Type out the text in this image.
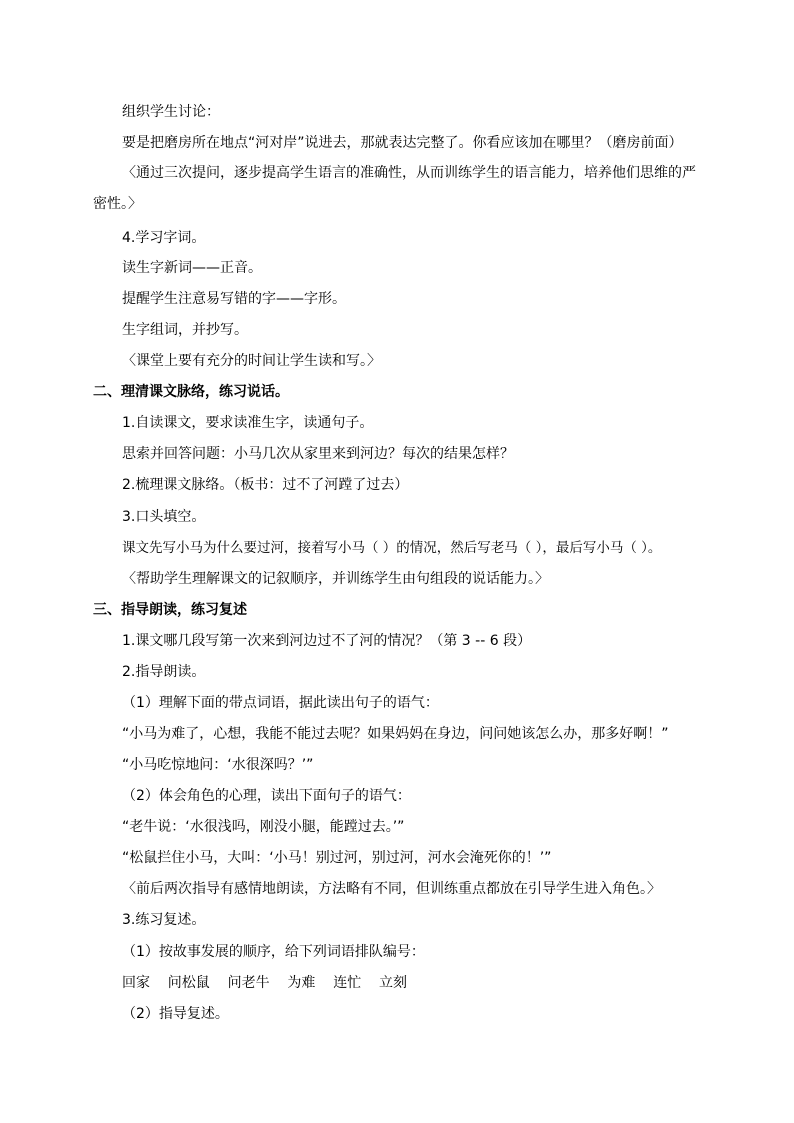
组织学生讨论：
要是把磨房所在地点“河对岸”说进去，那就表达完整了。你看应该加在哪里？（磨房前面）
〈通过三次提问，逐步提高学生语言的准确性，从而训练学生的语言能力，培养他们思维的严
密性。〉
4.学习字词。
读生字新词——正音。
提醒学生注意易写错的字——字形。
生字组词，并抄写。
〈课堂上要有充分的时间让学生读和写。〉
二、理清课文脉络，练习说话。
1.自读课文，要求读准生字，读通句子。
思索并回答问题：小马几次从家里来到河边？每次的结果怎样？
2.梳理课文脉络。（板书：过不了河蹚了过去）
3.口头填空。
课文先写小马为什么要过河，接着写小马（ ）的情况，然后写老马（ ），最后写小马（ ）。
〈帮助学生理解课文的记叙顺序，并训练学生由句组段的说话能力。〉
三、指导朗读，练习复述
1.课文哪几段写第一次来到河边过不了河的情况？（第 3 -- 6 段）
2.指导朗读。
（1）理解下面的带点词语，据此读出句子的语气：
“小马为难了，心想，我能不能过去呢？如果妈妈在身边，问问她该怎么办，那多好啊！”
“小马吃惊地问：‘水很深吗？’”
（2）体会角色的心理，读出下面句子的语气：
“老牛说：‘水很浅吗，刚没小腿，能蹚过去。’”
“松鼠拦住小马，大叫：‘小马！别过河，别过河，河水会淹死你的！’”
〈前后两次指导有感情地朗读，方法略有不同，但训练重点都放在引导学生进入角色。〉
3.练习复述。
（1）按故事发展的顺序，给下列词语排队编号：
回家    问松鼠    问老牛    为难    连忙    立刻
（2）指导复述。
